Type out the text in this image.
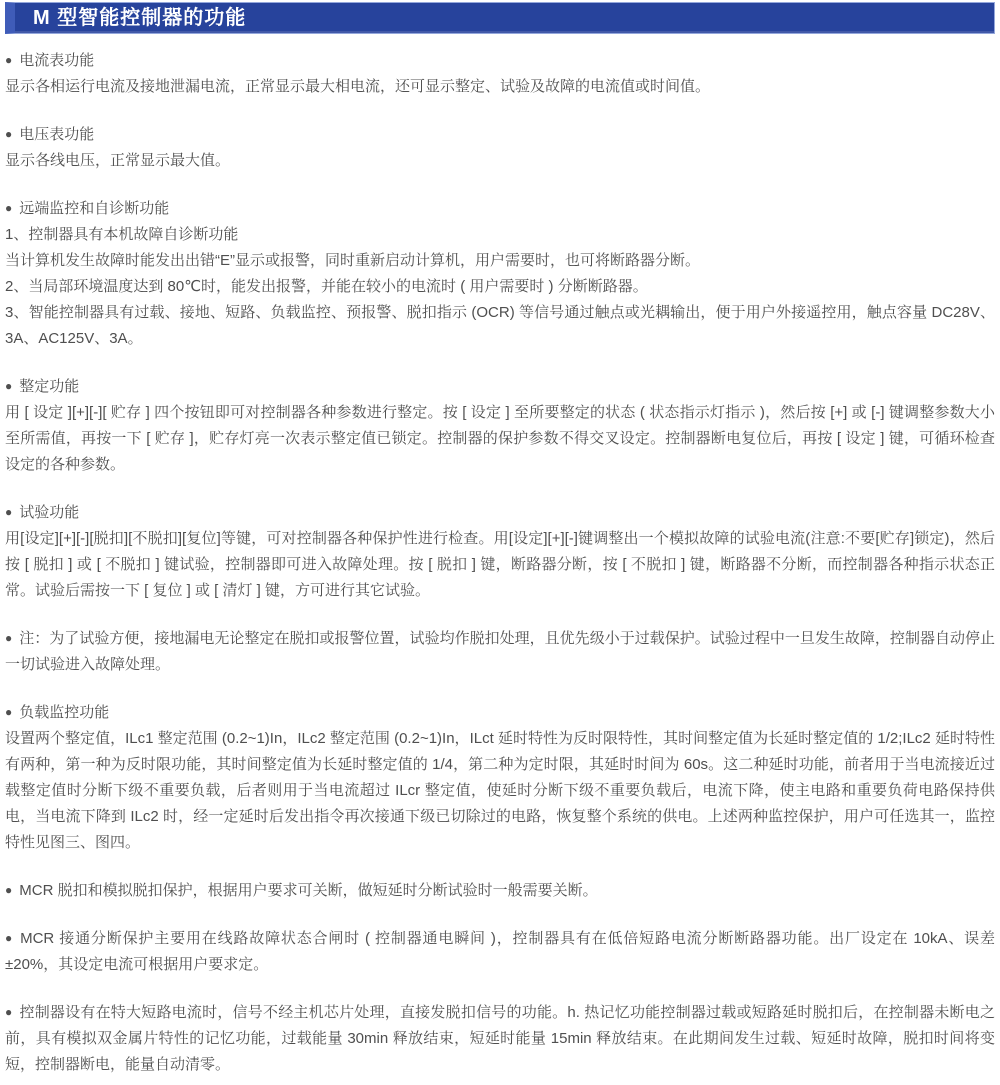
M 型智能控制器的功能
● 电流表功能

显示各相运行电流及接地泄漏电流，正常显示最大相电流，还可显示整定、试验及故障的电流值或时间值。

● 电压表功能

显示各线电压，正常显示最大值。

● 远端监控和自诊断功能

1、控制器具有本机故障自诊断功能

当计算机发生故障时能发出出错“E”显示或报警，同时重新启动计算机，用户需要时，也可将断路器分断。

2、当局部环境温度达到 80℃时，能发出报警，并能在较小的电流时 ( 用户需要时 ) 分断断路器。

3、智能控制器具有过载、接地、短路、负载监控、预报警、脱扣指示 (OCR) 等信号通过触点或光耦输出，便于用户外接遥控用，触点容量 DC28V、3A、AC125V、3A。

● 整定功能

用 [ 设定 ][+][-][ 贮存 ] 四个按钮即可对控制器各种参数进行整定。按 [ 设定 ] 至所要整定的状态 ( 状态指示灯指示 )，然后按 [+] 或 [-] 键调整参数大小至所需值，再按一下 [ 贮存 ]，贮存灯亮一次表示整定值已锁定。控制器的保护参数不得交叉设定。控制器断电复位后，再按 [ 设定 ] 键，可循环检查设定的各种参数。

● 试验功能

用[设定][+][-][脱扣][不脱扣][复位]等键，可对控制器各种保护性进行检查。用[设定][+][-]键调整出一个模拟故障的试验电流(注意:不要[贮存]锁定)，然后按 [ 脱扣 ] 或 [ 不脱扣 ] 键试验，控制器即可进入故障处理。按 [ 脱扣 ] 键，断路器分断，按 [ 不脱扣 ] 键，断路器不分断，而控制器各种指示状态正常。试验后需按一下 [ 复位 ] 或 [ 清灯 ] 键，方可进行其它试验。

● 注：为了试验方便，接地漏电无论整定在脱扣或报警位置，试验均作脱扣处理，且优先级小于过载保护。试验过程中一旦发生故障，控制器自动停止一切试验进入故障处理。

● 负载监控功能

设置两个整定值，ILc1 整定范围 (0.2~1)In，ILc2 整定范围 (0.2~1)In，ILct 延时特性为反时限特性，其时间整定值为长延时整定值的 1/2;ILc2 延时特性有两种，第一种为反时限功能，其时间整定值为长延时整定值的 1/4，第二种为定时限，其延时时间为 60s。这二种延时功能，前者用于当电流接近过载整定值时分断下级不重要负载，后者则用于当电流超过 ILcr 整定值，使延时分断下级不重要负载后，电流下降，使主电路和重要负荷电路保持供电，当电流下降到 ILc2 时，经一定延时后发出指令再次接通下级已切除过的电路，恢复整个系统的供电。上述两种监控保护，用户可任选其一，监控特性见图三、图四。

● MCR 脱扣和模拟脱扣保护，根据用户要求可关断，做短延时分断试验时一般需要关断。

● MCR 接通分断保护主要用在线路故障状态合闸时 ( 控制器通电瞬间 )，控制器具有在低倍短路电流分断断路器功能。出厂设定在 10kA、误差 ±20%，其设定电流可根据用户要求定。

● 控制器设有在特大短路电流时，信号不经主机芯片处理，直接发脱扣信号的功能。h. 热记忆功能控制器过载或短路延时脱扣后，在控制器未断电之前，具有模拟双金属片特性的记忆功能，过载能量 30min 释放结束，短延时能量 15min 释放结束。在此期间发生过载、短延时故障，脱扣时间将变短，控制器断电，能量自动清零。
